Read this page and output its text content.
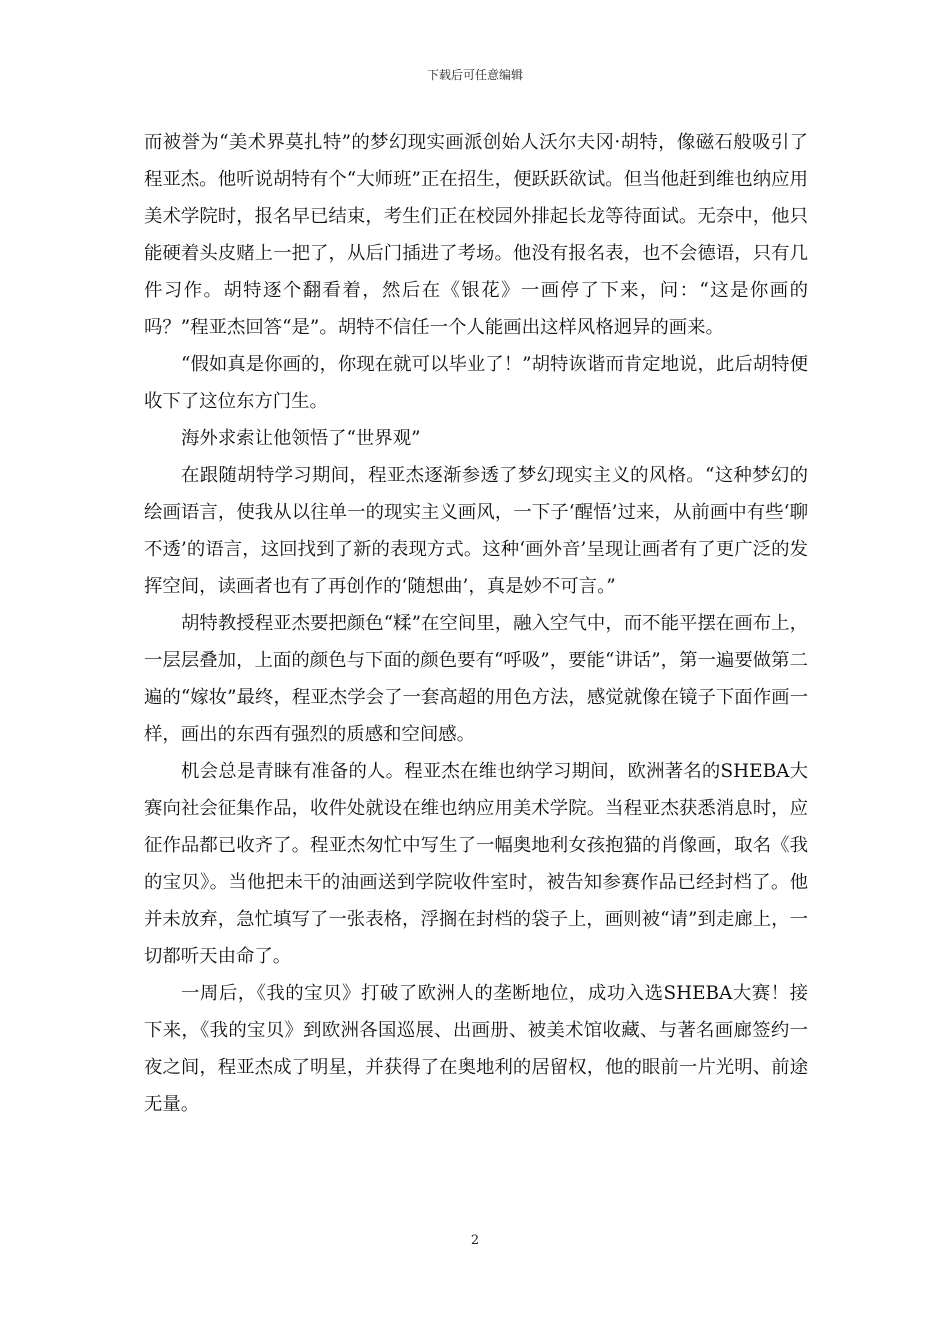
下载后可任意编辑

而被誉为“美术界莫扎特”的梦幻现实画派创始人沃尔夫冈·胡特，像磁石般吸引了程亚杰。他听说胡特有个“大师班”正在招生，便跃跃欲试。但当他赶到维也纳应用美术学院时，报名早已结束，考生们正在校园外排起长龙等待面试。无奈中，他只能硬着头皮赌上一把了，从后门插进了考场。他没有报名表，也不会德语，只有几件习作。胡特逐个翻看着，然后在《银花》一画停了下来，问：“这是你画的吗？”程亚杰回答“是”。胡特不信任一个人能画出这样风格迥异的画来。

“假如真是你画的，你现在就可以毕业了！”胡特诙谐而肯定地说，此后胡特便收下了这位东方门生。

海外求索让他领悟了“世界观”

在跟随胡特学习期间，程亚杰逐渐参透了梦幻现实主义的风格。“这种梦幻的绘画语言，使我从以往单一的现实主义画风，一下子‘醒悟’过来，从前画中有些‘聊不透’的语言，这回找到了新的表现方式。这种‘画外音’呈现让画者有了更广泛的发挥空间，读画者也有了再创作的‘随想曲’，真是妙不可言。”

胡特教授程亚杰要把颜色“糅”在空间里，融入空气中，而不能平摆在画布上，一层层叠加，上面的颜色与下面的颜色要有“呼吸”，要能“讲话”，第一遍要做第二遍的“嫁妆”最终，程亚杰学会了一套高超的用色方法，感觉就像在镜子下面作画一样，画出的东西有强烈的质感和空间感。

机会总是青睐有准备的人。程亚杰在维也纳学习期间，欧洲著名的SHEBA大赛向社会征集作品，收件处就设在维也纳应用美术学院。当程亚杰获悉消息时，应征作品都已收齐了。程亚杰匆忙中写生了一幅奥地利女孩抱猫的肖像画，取名《我的宝贝》。当他把未干的油画送到学院收件室时，被告知参赛作品已经封档了。他并未放弃，急忙填写了一张表格，浮搁在封档的袋子上，画则被“请”到走廊上，一切都听天由命了。

一周后，《我的宝贝》打破了欧洲人的垄断地位，成功入选SHEBA大赛！接下来，《我的宝贝》到欧洲各国巡展、出画册、被美术馆收藏、与著名画廊签约一夜之间，程亚杰成了明星，并获得了在奥地利的居留权，他的眼前一片光明、前途无量。

2
